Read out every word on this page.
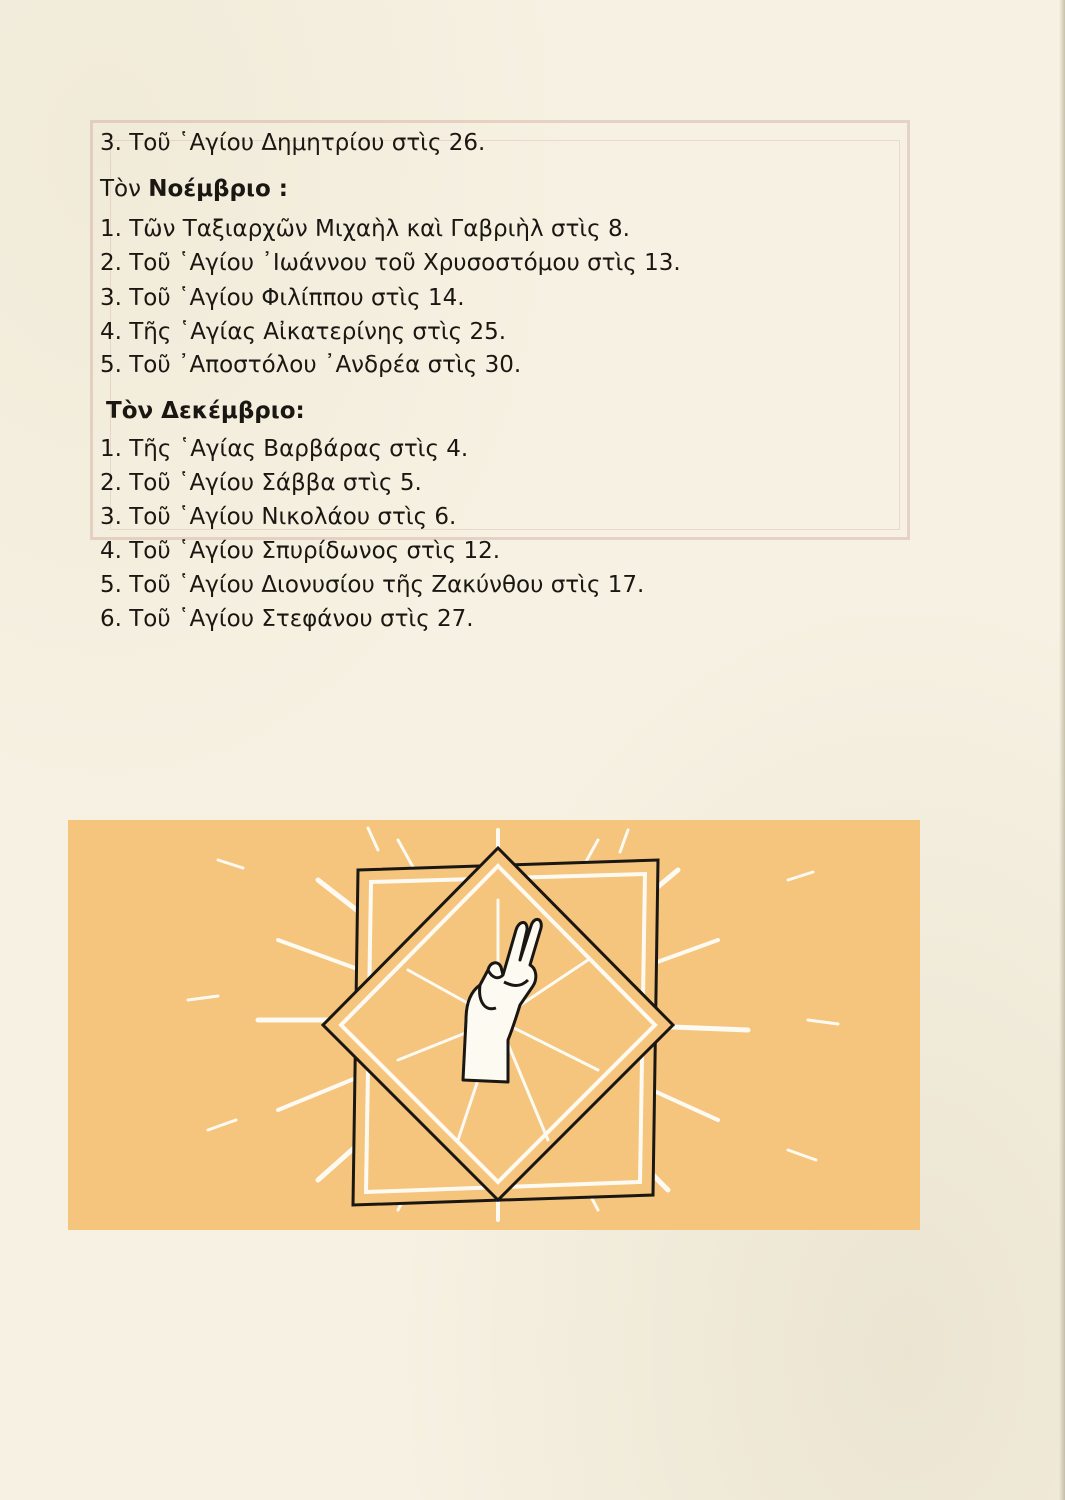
3. Τοῦ ῾Αγίου Δημητρίου στὶς 26.
Τὸν Νοέμβριο :
1. Τῶν Ταξιαρχῶν Μιχαὴλ καὶ Γαβριὴλ στὶς 8.
2. Τοῦ ῾Αγίου ᾽Ιωάννου τοῦ Χρυσοστόμου στὶς 13.
3. Τοῦ ῾Αγίου Φιλίππου στὶς 14.
4. Τῆς ῾Αγίας Αἰκατερίνης στὶς 25.
5. Τοῦ ᾽Αποστόλου ᾽Ανδρέα στὶς 30.
Τὸν Δεκέμβριο:
1. Τῆς ῾Αγίας Βαρβάρας στὶς 4.
2. Τοῦ ῾Αγίου Σάββα στὶς 5.
3. Τοῦ ῾Αγίου Νικολάου στὶς 6.
4. Τοῦ ῾Αγίου Σπυρίδωνος στὶς 12.
5. Τοῦ ῾Αγίου Διονυσίου τῆς Ζακύνθου στὶς 17.
6. Τοῦ ῾Αγίου Στεφάνου στὶς 27.
